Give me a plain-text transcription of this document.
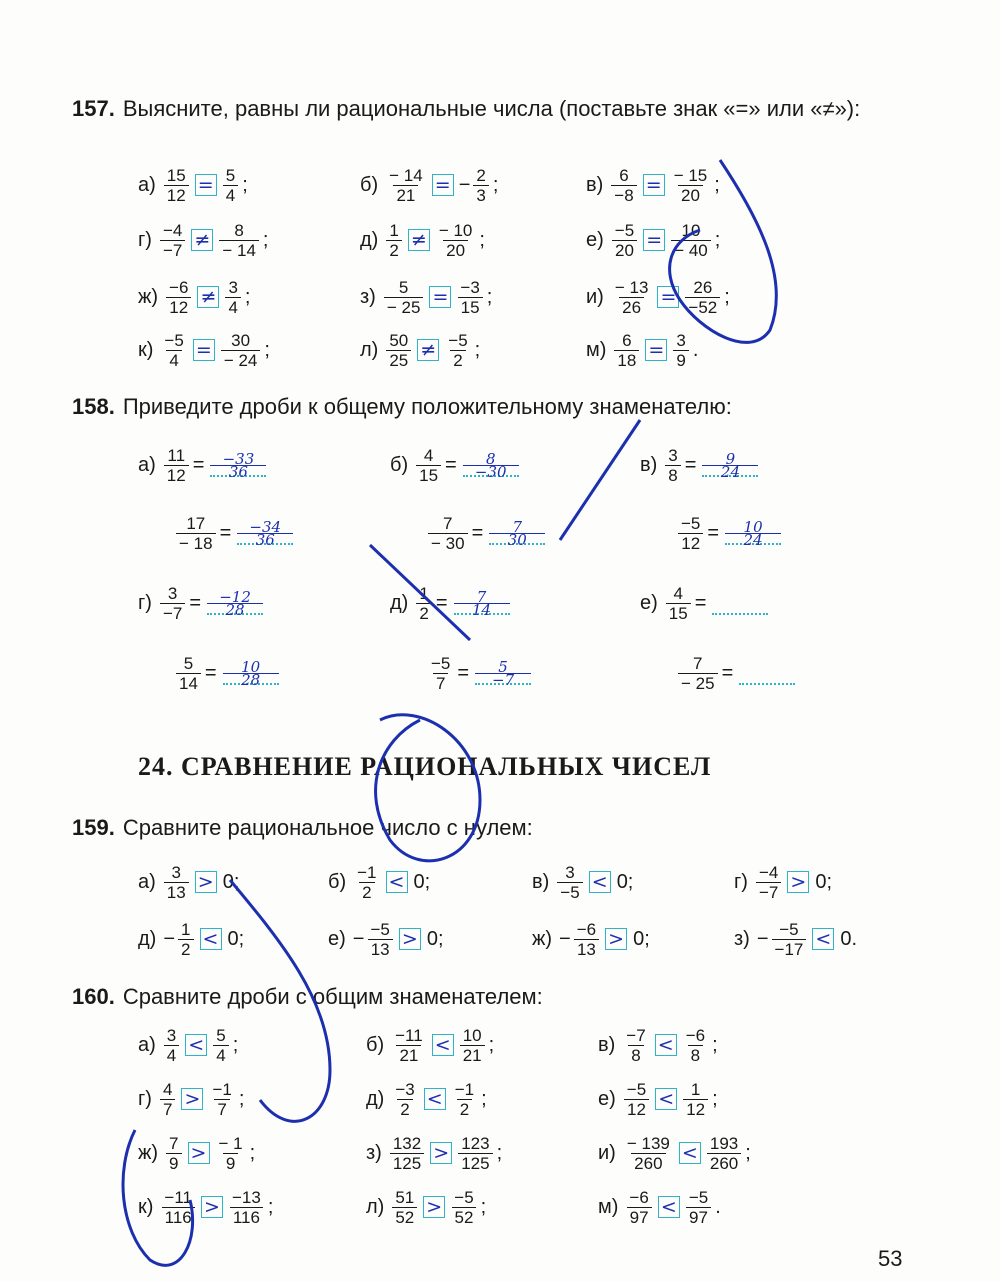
157. Выясните, равны ли рациональные числа (поставьте знак «=» или «≠»):
$а) \frac{15}{12} = \frac{5}{4}$ ;	$б) \frac{- 14}{21}$ = − $\frac{2}{3}$ ;	$в) \frac{6}{-8} = \frac{- 15}{20}$ ;
$г) \frac{-4}{-7} \ne \frac{8}{- 14}$ ;	$д) \frac{1}{2} \ne \frac{- 10}{20}$ ;	$е) \frac{-5}{20} = \frac{10}{- 40}$ ;
$ж) \frac{-6}{12} \ne \frac{3}{4}$ ;	$з) \frac{5}{- 25} = \frac{-3}{15}$ ;	$и) \frac{- 13}{26} = \frac{26}{-52}$ ;
$к) \frac{-5}{4} = \frac{30}{- 24}$ ;	$л) \frac{50}{25} \ne \frac{-5}{2}$ ;	$м) \frac{6}{18} = \frac{3}{9}$ .
158. Приведите дроби к общему положительному знаменателю:
$а) \frac{11}{12} = \frac{-33}{36}$	$б) \frac{4}{15} = \frac{8}{-30}$	$в) \frac{3}{8} = \frac{9}{24}$
$\frac{17}{- 18} = \frac{-34}{36}$	$\frac{7}{- 30} = \frac{7}{30}$	$\frac{-5}{12} = \frac{10}{24}$
$г) \frac{3}{-7} = \frac{-12}{28}$	$д) \frac{1}{2} = \frac{7}{14}$	$е) \frac{4}{15}$ =
$\frac{5}{14} = \frac{10}{28}$	$\frac{-5}{7} = \frac{5}{-7}$	$\frac{7}{- 25}$ =
24. СРАВНЕНИЕ РАЦИОНАЛЬНЫХ ЧИСЕЛ
159. Сравните рациональное число с нулем:
$а) \frac{3}{13} > 0$;	$б) \frac{-1}{2} < 0$;	$в) \frac{3}{-5} < 0$;	$г) \frac{-4}{-7} > 0$;
$д) - \frac{1}{2} < 0$;	$е) - \frac{-5}{13} > 0$;	$ж) - \frac{-6}{13} > 0$;	$з) - \frac{-5}{-17} < 0$.
160. Сравните дроби с общим знаменателем:
$а) \frac{3}{4} < \frac{5}{4}$ ;	$б) \frac{-11}{21} < \frac{10}{21}$ ;	$в) \frac{-7}{8} < \frac{-6}{8}$ ;
$г) \frac{4}{7} > \frac{-1}{7}$ ;	$д) \frac{-3}{2} < \frac{-1}{2}$ ;	$е) \frac{-5}{12} < \frac{1}{12}$ ;
$ж) \frac{7}{9} > \frac{- 1}{9}$ ;	$з) \frac{132}{125} > \frac{123}{125}$ ;	$и) \frac{- 139}{260} < \frac{193}{260}$ ;
$к) \frac{-11}{116} > \frac{-13}{116}$ ;	$л) \frac{51}{52} > \frac{-5}{52}$ ;	$м) \frac{-6}{97} < \frac{-5}{97}$ .
53
